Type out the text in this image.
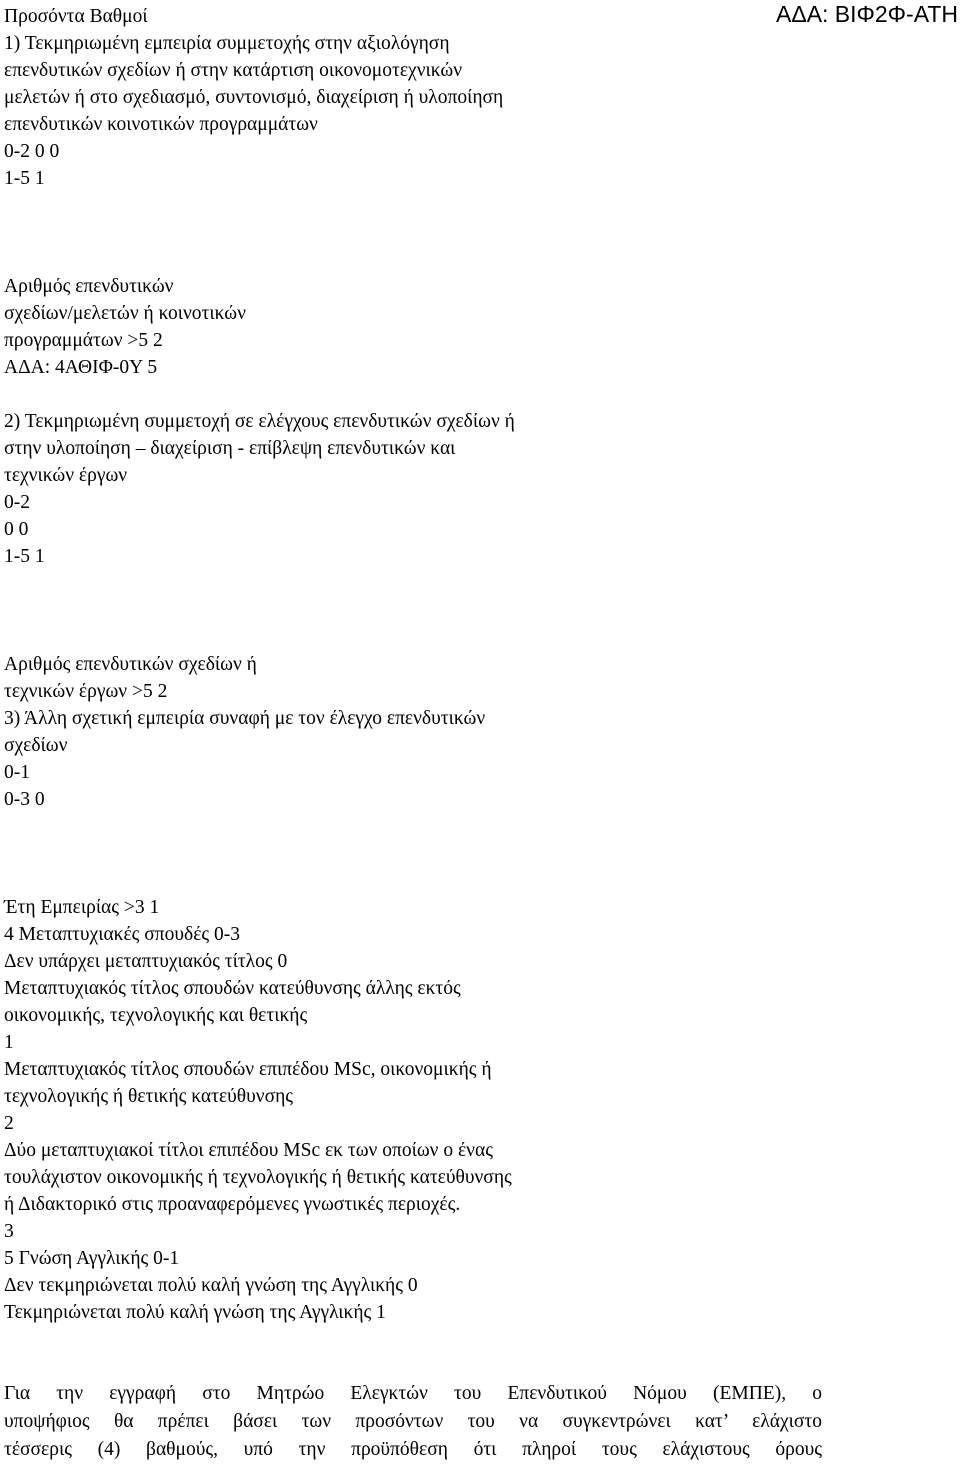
ΑΔΑ: ΒΙΦ2Φ-ΑΤΗ
Προσόντα Βαθμοί
1) Τεκμηριωμένη εμπειρία συμμετοχής στην αξιολόγηση
επενδυτικών σχεδίων ή στην κατάρτιση οικονομοτεχνικών
μελετών ή στο σχεδιασμό, συντονισμό, διαχείριση ή υλοποίηση
επενδυτικών κοινοτικών προγραμμάτων
0-2 0 0
1-5 1
Αριθμός επενδυτικών
σχεδίων/μελετών ή κοινοτικών
προγραμμάτων >5 2
ΑΔΑ: 4ΑΘΙΦ-0Υ 5
2) Τεκμηριωμένη συμμετοχή σε ελέγχους επενδυτικών σχεδίων ή
στην υλοποίηση – διαχείριση - επίβλεψη επενδυτικών και
τεχνικών έργων
0-2
0 0
1-5 1
Αριθμός επενδυτικών σχεδίων ή
τεχνικών έργων >5 2
3) Άλλη σχετική εμπειρία συναφή με τον έλεγχο επενδυτικών
σχεδίων
0-1
0-3 0
Έτη Εμπειρίας >3 1
4 Μεταπτυχιακές σπουδές 0-3
Δεν υπάρχει μεταπτυχιακός τίτλος 0
Μεταπτυχιακός τίτλος σπουδών κατεύθυνσης άλλης εκτός
οικονομικής, τεχνολογικής και θετικής
1
Μεταπτυχιακός τίτλος σπουδών επιπέδου MSc, οικονομικής ή
τεχνολογικής ή θετικής κατεύθυνσης
2
Δύο μεταπτυχιακοί τίτλοι επιπέδου MSc εκ των οποίων ο ένας
τουλάχιστον οικονομικής ή τεχνολογικής ή θετικής κατεύθυνσης
ή Διδακτορικό στις προαναφερόμενες γνωστικές περιοχές.
3
5 Γνώση Αγγλικής 0-1
Δεν τεκμηριώνεται πολύ καλή γνώση της Αγγλικής 0
Τεκμηριώνεται πολύ καλή γνώση της Αγγλικής 1
Για την εγγραφή στο Μητρώο Ελεγκτών του Επενδυτικού Νόμου (ΕΜΠΕ), ο
υποψήφιος θα πρέπει βάσει των προσόντων του να συγκεντρώνει κατ’ ελάχιστο
τέσσερις (4) βαθμούς, υπό την προϋπόθεση ότι πληροί τους ελάχιστους όρους
